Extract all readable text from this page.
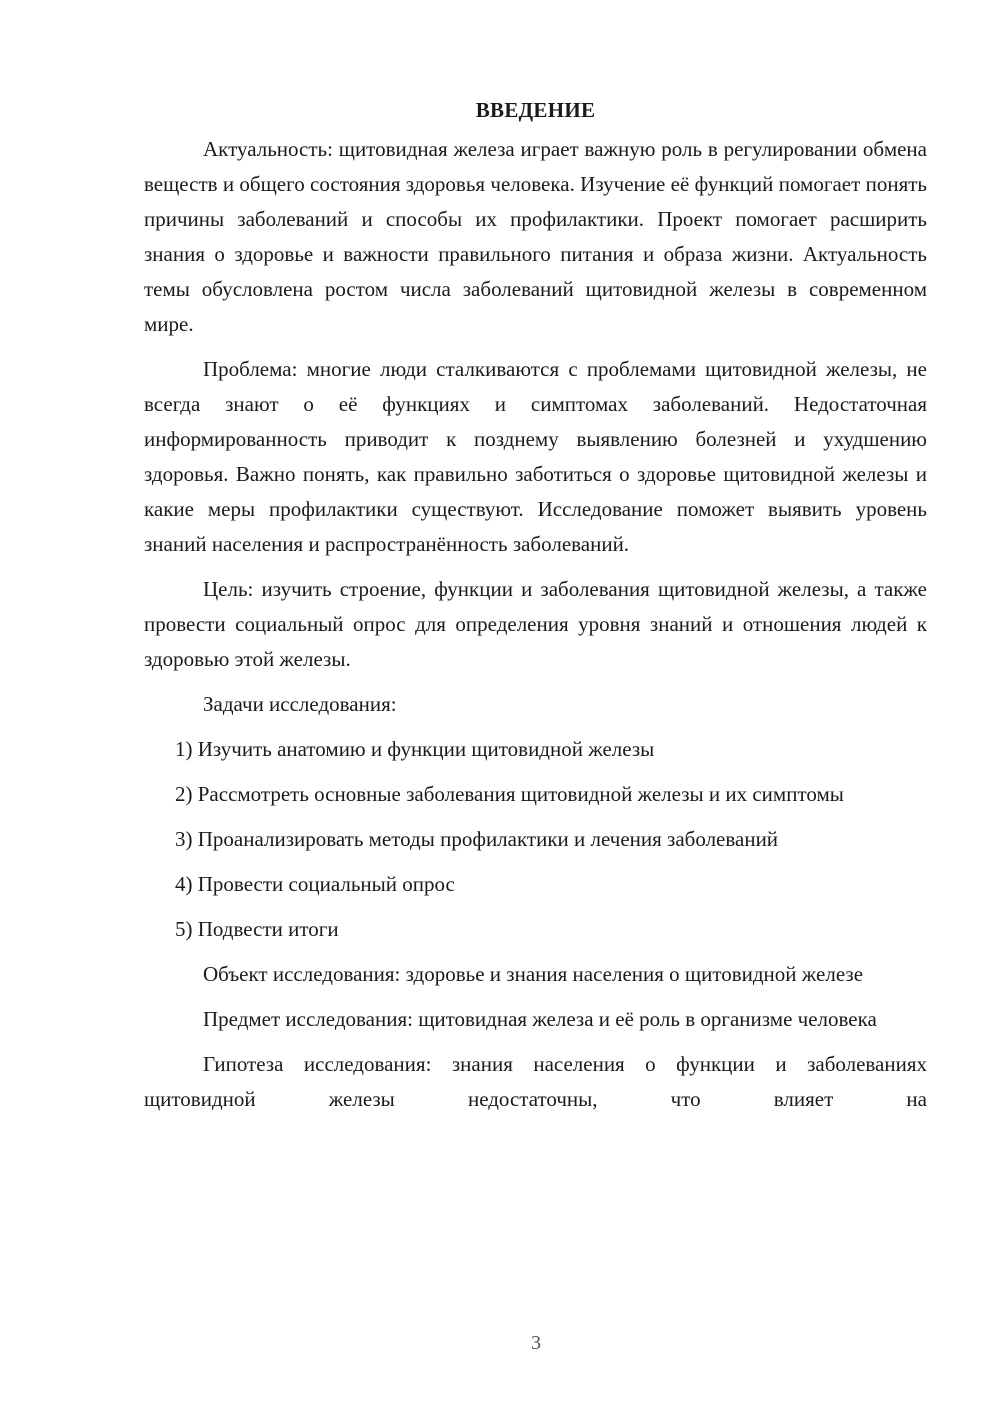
ВВЕДЕНИЕ

Актуальность: щитовидная железа играет важную роль в регулировании обмена веществ и общего состояния здоровья человека. Изучение её функций помогает понять причины заболеваний и способы их профилактики. Проект помогает расширить знания о здоровье и важности правильного питания и образа жизни. Актуальность темы обусловлена ростом числа заболеваний щитовидной железы в современном мире.

Проблема: многие люди сталкиваются с проблемами щитовидной железы, не всегда знают о её функциях и симптомах заболеваний. Недостаточная информированность приводит к позднему выявлению болезней и ухудшению здоровья. Важно понять, как правильно заботиться о здоровье щитовидной железы и какие меры профилактики существуют. Исследование поможет выявить уровень знаний населения и распространённость заболеваний.

Цель: изучить строение, функции и заболевания щитовидной железы, а также провести социальный опрос для определения уровня знаний и отношения людей к здоровью этой железы.

Задачи исследования:

1) Изучить анатомию и функции щитовидной железы

2) Рассмотреть основные заболевания щитовидной железы и их симптомы

3) Проанализировать методы профилактики и лечения заболеваний

4) Провести социальный опрос

5) Подвести итоги

Объект исследования: здоровье и знания населения о щитовидной железе

Предмет исследования: щитовидная железа и её роль в организме человека

Гипотеза исследования: знания населения о функции и заболеваниях щитовидной железы недостаточны, что влияет на

3
